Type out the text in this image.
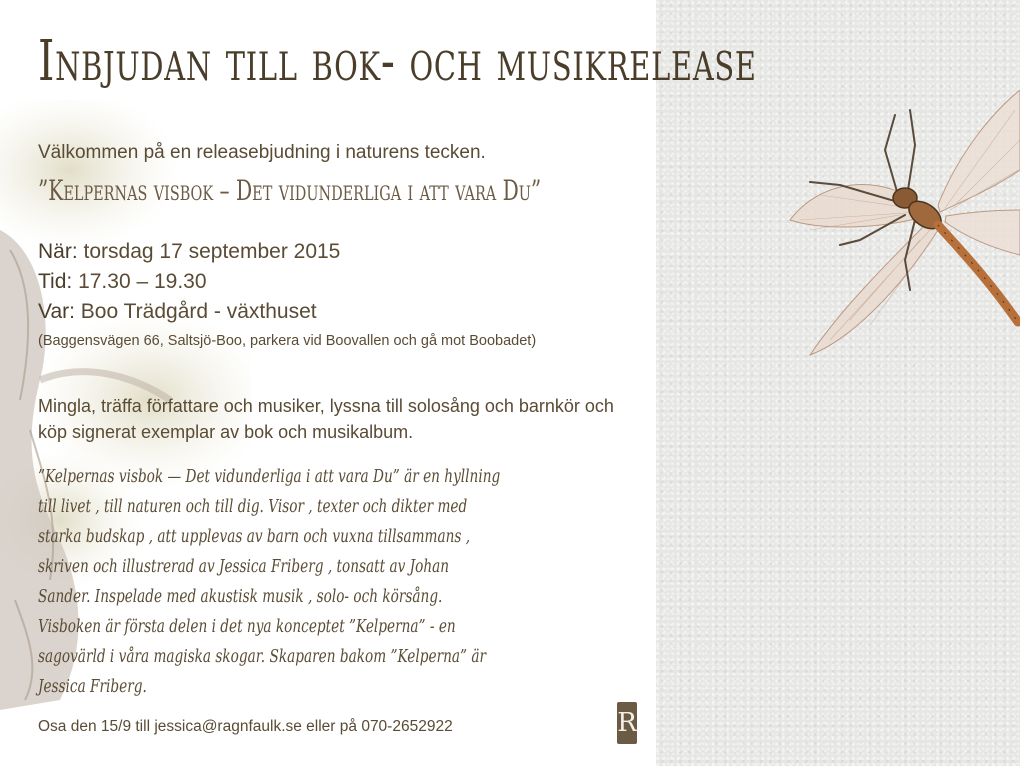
Inbjudan till bok- och musikrelease
Välkommen på en releasebjudning i naturens tecken.
”Kelpernas visbok – Det vidunderliga i att vara Du”
När: torsdag 17 september 2015
Tid: 17.30 – 19.30
Var: Boo Trädgård - växthuset
(Baggensvägen 66, Saltsjö-Boo, parkera vid Boovallen och gå mot Boobadet)
Mingla, träffa författare och musiker, lyssna till solosång och barnkör och köp signerat exemplar av bok och musikalbum.
”Kelpernas visbok — Det vidunderliga i att vara Du” är en hyllning
till livet , till naturen och till dig. Visor , texter och dikter med
starka budskap , att upplevas av barn och vuxna tillsammans ,
skriven och illustrerad av Jessica Friberg , tonsatt av Johan
Sander. Inspelade med akustisk musik , solo- och körsång.
Visboken är första delen i det nya konceptet ”Kelperna” - en
sagovärld i våra magiska skogar. Skaparen bakom ”Kelperna” är
Jessica Friberg.
Osa den 15/9 till jessica@ragnfaulk.se eller på 070-2652922	R
